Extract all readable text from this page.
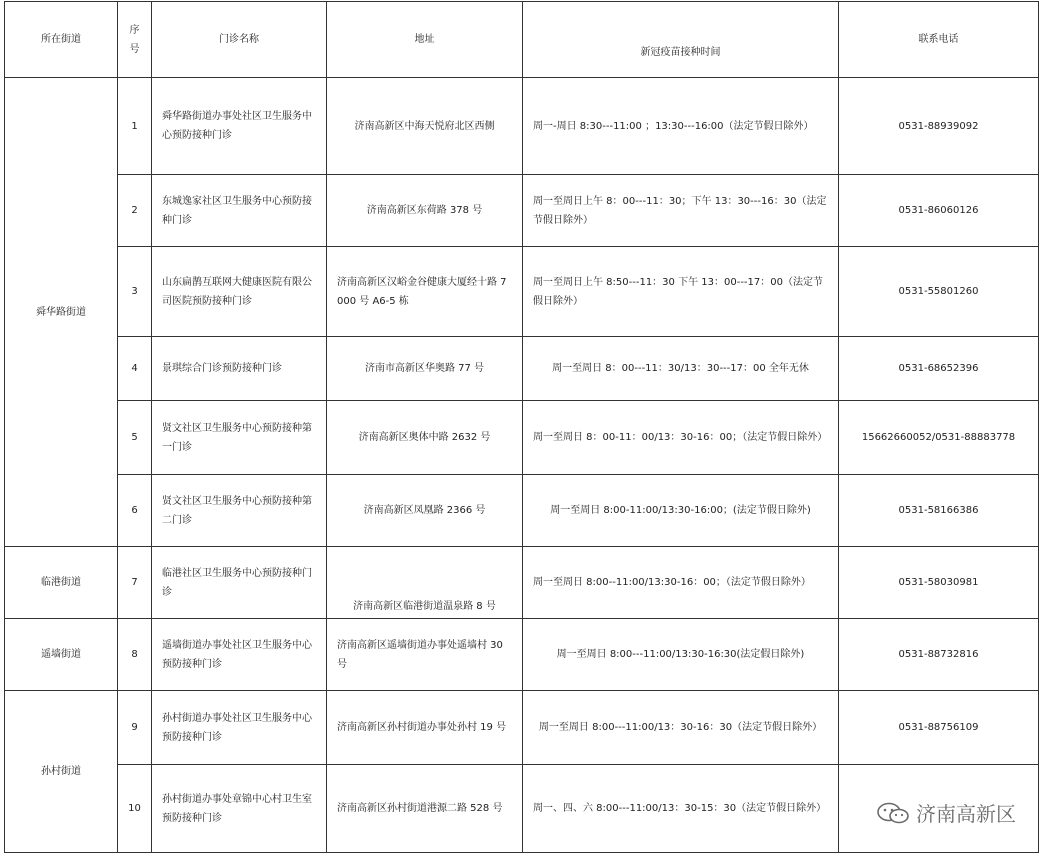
所在街道	序号	门诊名称	地址	新冠疫苗接种时间	联系电话
舜华路街道	1	舜华路街道办事处社区卫生服务中心预防接种门诊	济南高新区中海天悦府北区西侧	周一-周日 8:30---11:00 ；13:30---16:00（法定节假日除外）	0531-88939092
	2	东城逸家社区卫生服务中心预防接种门诊	济南高新区东荷路 378 号	周一至周日上午 8：00---11：30；下午 13：30---16：30（法定节假日除外）	0531-86060126
	3	山东扁鹊互联网大健康医院有限公司医院预防接种门诊	济南高新区汉峪金谷健康大厦经十路 7000 号 A6-5 栋	周一至周日上午 8:50---11：30 下午 13：00---17：00（法定节假日除外）	0531-55801260
	4	景琪综合门诊预防接种门诊	济南市高新区华奥路 77 号	周一至周日 8：00---11：30/13：30---17：00 全年无休	0531-68652396
	5	贤文社区卫生服务中心预防接种第一门诊	济南高新区奥体中路 2632 号	周一至周日 8：00-11：00/13：30-16：00；（法定节假日除外）	15662660052/0531-88883778
	6	贤文社区卫生服务中心预防接种第二门诊	济南高新区凤凰路 2366 号	周一至周日 8:00-11:00/13:30-16:00；(法定节假日除外)	0531-58166386
临港街道	7	临港社区卫生服务中心预防接种门诊	济南高新区临港街道温泉路 8 号	周一至周日 8:00--11:00/13:30-16：00；（法定节假日除外）	0531-58030981
遥墙街道	8	遥墙街道办事处社区卫生服务中心预防接种门诊	济南高新区遥墙街道办事处遥墙村 30 号	周一至周日 8:00---11:00/13:30-16:30(法定假日除外)	0531-88732816
孙村街道	9	孙村街道办事处社区卫生服务中心预防接种门诊	济南高新区孙村街道办事处孙村 19 号	周一至周日 8:00---11:00/13：30-16：30（法定节假日除外）	0531-88756109
	10	孙村街道办事处章锦中心村卫生室预防接种门诊	济南高新区孙村街道港源二路 528 号	周一、四、六 8:00---11:00/13：30-15：30（法定节假日除外）		济南高新区
